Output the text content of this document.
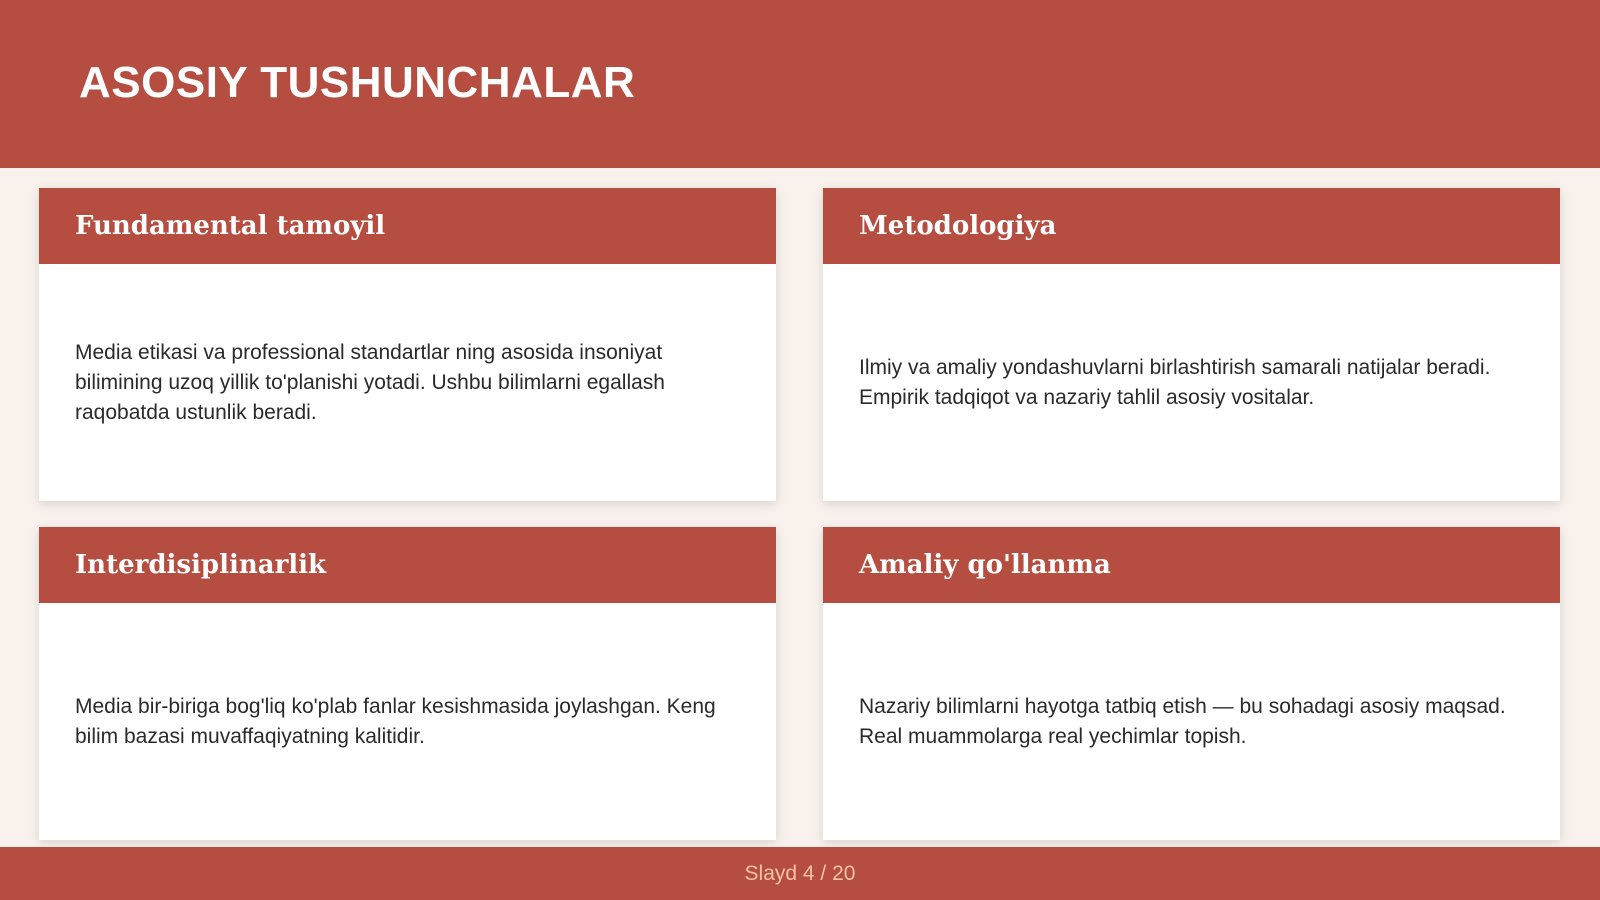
ASOSIY TUSHUNCHALAR
Fundamental tamoyil

Media etikasi va professional standartlar ning asosida insoniyat bilimining uzoq yillik to'planishi yotadi. Ushbu bilimlarni egallash raqobatda ustunlik beradi.

Metodologiya

Ilmiy va amaliy yondashuvlarni birlashtirish samarali natijalar beradi. Empirik tadqiqot va nazariy tahlil asosiy vositalar.

Interdisiplinarlik

Media bir-biriga bog'liq ko'plab fanlar kesishmasida joylashgan. Keng bilim bazasi muvaffaqiyatning kalitidir.

Amaliy qo'llanma

Nazariy bilimlarni hayotga tatbiq etish — bu sohadagi asosiy maqsad. Real muammolarga real yechimlar topish.

Slayd 4 / 20
